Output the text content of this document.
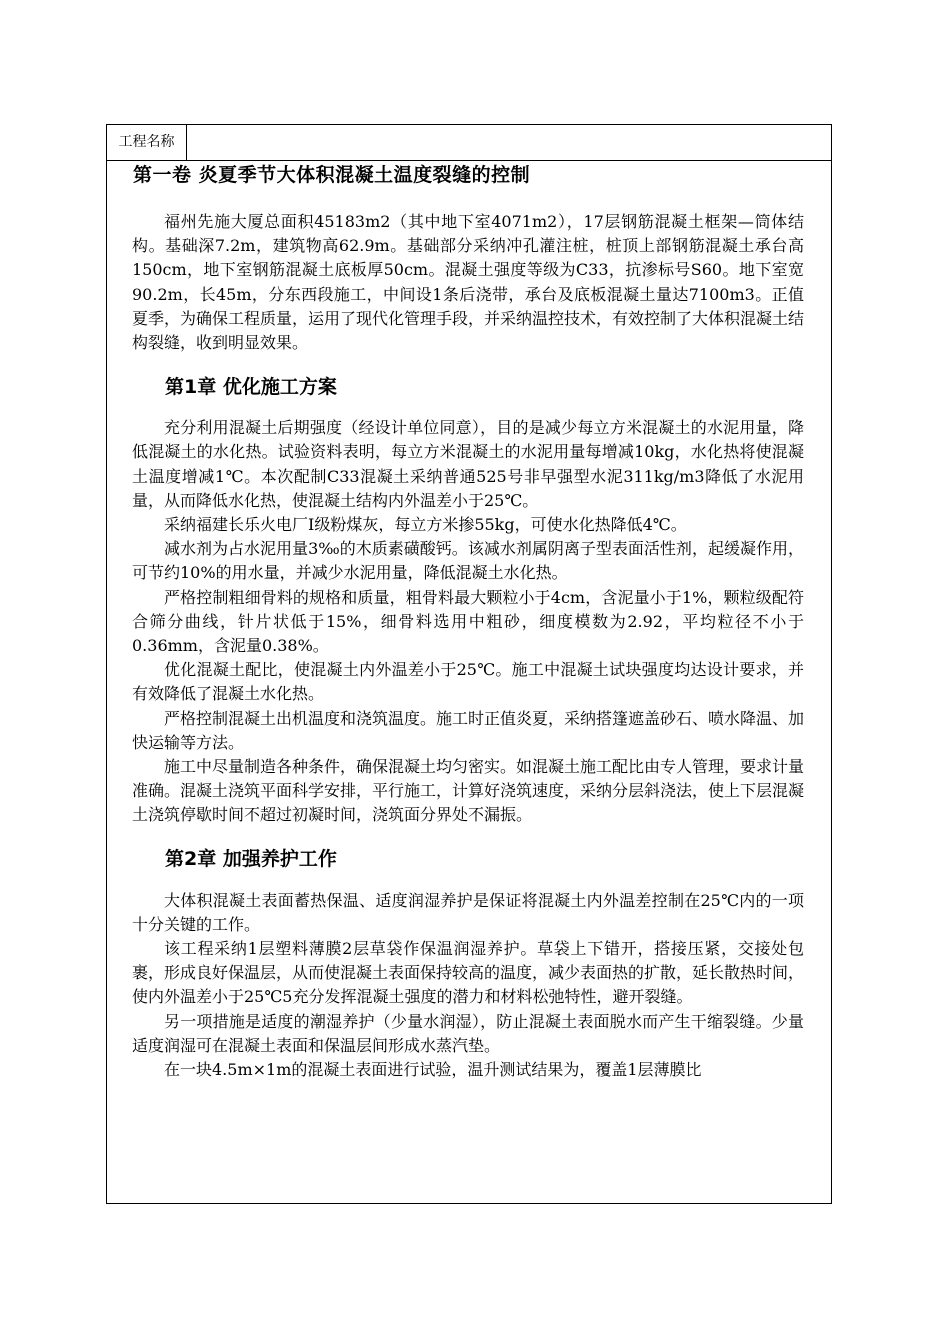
工程名称
第一卷 炎夏季节大体积混凝土温度裂缝的控制

福州先施大厦总面积45183m2（其中地下室4071m2），17层钢筋混凝土框架—筒体结构。基础深7.2m，建筑物高62.9m。基础部分采纳冲孔灌注桩，桩顶上部钢筋混凝土承台高150cm，地下室钢筋混凝土底板厚50cm。混凝土强度等级为C33，抗渗标号S60。地下室宽90.2m，长45m，分东西段施工，中间设1条后浇带，承台及底板混凝土量达7100m3。正值夏季，为确保工程质量，运用了现代化管理手段，并采纳温控技术，有效控制了大体积混凝土结构裂缝，收到明显效果。

第1章 优化施工方案

充分利用混凝土后期强度（经设计单位同意），目的是减少每立方米混凝土的水泥用量，降低混凝土的水化热。试验资料表明，每立方米混凝土的水泥用量每增减10kg，水化热将使混凝土温度增减1℃。本次配制C33混凝土采纳普通525号非早强型水泥311kg/m3降低了水泥用量，从而降低水化热，使混凝土结构内外温差小于25℃。

采纳福建长乐火电厂I级粉煤灰，每立方米掺55kg，可使水化热降低4℃。

减水剂为占水泥用量3‰的木质素磺酸钙。该减水剂属阴离子型表面活性剂，起缓凝作用，可节约10%的用水量，并减少水泥用量，降低混凝土水化热。

严格控制粗细骨料的规格和质量，粗骨料最大颗粒小于4cm，含泥量小于1%，颗粒级配符合筛分曲线，针片状低于15%，细骨料选用中粗砂，细度模数为2.92，平均粒径不小于0.36mm，含泥量0.38%。

优化混凝土配比，使混凝土内外温差小于25℃。施工中混凝土试块强度均达设计要求，并有效降低了混凝土水化热。

严格控制混凝土出机温度和浇筑温度。施工时正值炎夏，采纳搭篷遮盖砂石、喷水降温、加快运输等方法。

施工中尽量制造各种条件，确保混凝土均匀密实。如混凝土施工配比由专人管理，要求计量准确。混凝土浇筑平面科学安排，平行施工，计算好浇筑速度，采纳分层斜浇法，使上下层混凝土浇筑停歇时间不超过初凝时间，浇筑面分界处不漏振。

第2章 加强养护工作

大体积混凝土表面蓄热保温、适度润湿养护是保证将混凝土内外温差控制在25℃内的一项十分关键的工作。

该工程采纳1层塑料薄膜2层草袋作保温润湿养护。草袋上下错开，搭接压紧，交接处包裹，形成良好保温层，从而使混凝土表面保持较高的温度，减少表面热的扩散，延长散热时间，使内外温差小于25℃5充分发挥混凝土强度的潜力和材料松弛特性，避开裂缝。

另一项措施是适度的潮湿养护（少量水润湿），防止混凝土表面脱水而产生干缩裂缝。少量适度润湿可在混凝土表面和保温层间形成水蒸汽垫。

在一块4.5m×1m的混凝土表面进行试验，温升测试结果为，覆盖1层薄膜比
